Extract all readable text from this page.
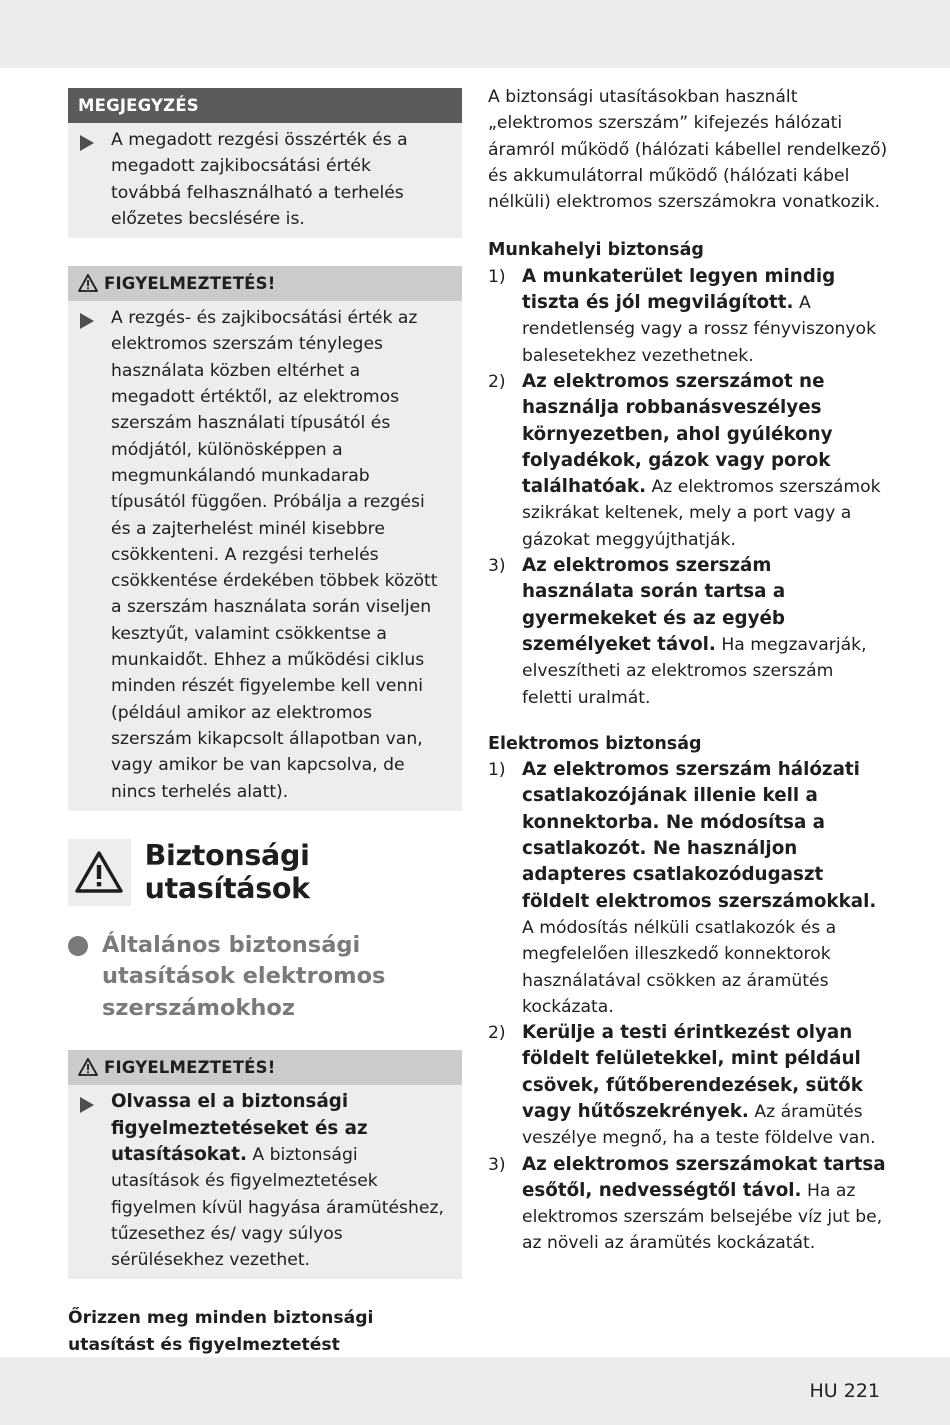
MEGJEGYZÉS
A megadott rezgési összérték és a megadott zajkibocsátási érték továbbá felhasználható a terhelés előzetes becslésére is.
FIGYELMEZTETÉS!
A rezgés- és zajkibocsátási érték az elektromos szerszám tényleges használata közben eltérhet a megadott értéktől, az elektromos szerszám használati típusától és módjától, különösképpen a megmunkálandó munkadarab típusától függően. Próbálja a rezgési és a zajterhelést minél kisebbre csökkenteni. A rezgési terhelés csökkentése érdekében többek között a szerszám használata során viseljen kesztyűt, valamint csökkentse a munkaidőt. Ehhez a működési ciklus minden részét figyelembe kell venni (például amikor az elektromos szerszám kikapcsolt állapotban van, vagy amikor be van kapcsolva, de nincs terhelés alatt).
Biztonsági utasítások
Általános biztonsági utasítások elektromos szerszámokhoz
FIGYELMEZTETÉS!
Olvassa el a biztonsági figyelmeztetéseket és az utasításokat. A biztonsági utasítások és figyelmeztetések figyelmen kívül hagyása áramütéshez, tűzesethez és/ vagy súlyos sérülésekhez vezethet.
Őrizzen meg minden biztonsági utasítást és figyelmeztetést
A biztonsági utasításokban használt „elektromos szerszám” kifejezés hálózati áramról működő (hálózati kábellel rendelkező) és akkumulátorral működő (hálózati kábel nélküli) elektromos szerszámokra vonatkozik.
Munkahelyi biztonság
1) A munkaterület legyen mindig tiszta és jól megvilágított. A rendetlenség vagy a rossz fényviszonyok balesetekhez vezethetnek.
2) Az elektromos szerszámot ne használja robbanásveszélyes környezetben, ahol gyúlékony folyadékok, gázok vagy porok találhatóak. Az elektromos szerszámok szikrákat keltenek, mely a port vagy a gázokat meggyújthatják.
3) Az elektromos szerszám használata során tartsa a gyermekeket és az egyéb személyeket távol. Ha megzavarják, elveszítheti az elektromos szerszám feletti uralmát.
Elektromos biztonság
1) Az elektromos szerszám hálózati csatlakozójának illenie kell a konnektorba. Ne módosítsa a csatlakozót. Ne használjon adapteres csatlakozódugaszt földelt elektromos szerszámokkal. A módosítás nélküli csatlakozók és a megfelelően illeszkedő konnektorok használatával csökken az áramütés kockázata.
2) Kerülje a testi érintkezést olyan földelt felületekkel, mint például csövek, fűtőberendezések, sütők vagy hűtőszekrények. Az áramütés veszélye megnő, ha a teste földelve van.
3) Az elektromos szerszámokat tartsa esőtől, nedvességtől távol. Ha az elektromos szerszám belsejébe víz jut be, az növeli az áramütés kockázatát.
HU 221
